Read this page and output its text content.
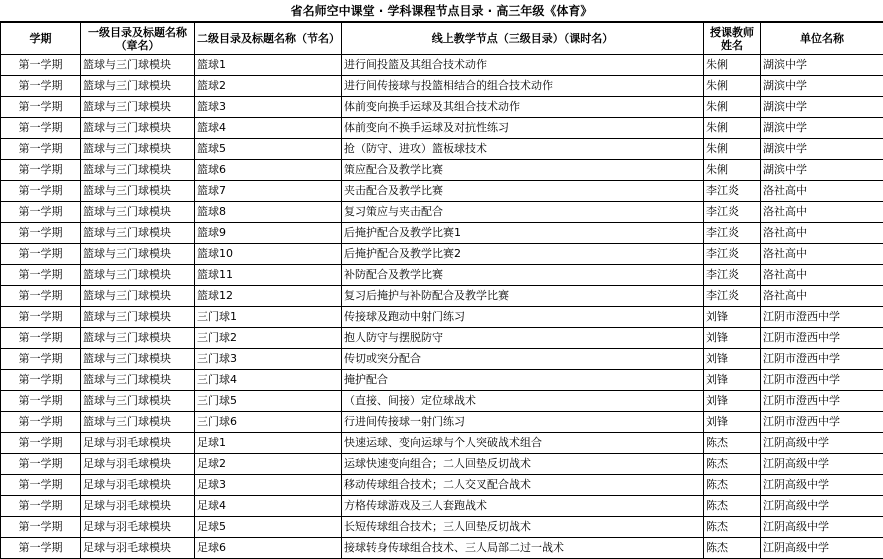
省名师空中课堂 · 学科课程节点目录 · 高三年级《体育》
学期	一级目录及标题名称（章名）	二级目录及标题名称（节名）	线上教学节点（三级目录）（课时名）	授课教师姓名	单位名称
第一学期	篮球与三门球模块	篮球1	进行间投篮及其组合技术动作	朱俐	湖滨中学
第一学期	篮球与三门球模块	篮球2	进行间传接球与投篮相结合的组合技术动作	朱俐	湖滨中学
第一学期	篮球与三门球模块	篮球3	体前变向换手运球及其组合技术动作	朱俐	湖滨中学
第一学期	篮球与三门球模块	篮球4	体前变向不换手运球及对抗性练习	朱俐	湖滨中学
第一学期	篮球与三门球模块	篮球5	抢（防守、进攻）篮板球技术	朱俐	湖滨中学
第一学期	篮球与三门球模块	篮球6	策应配合及教学比赛	朱俐	湖滨中学
第一学期	篮球与三门球模块	篮球7	夹击配合及教学比赛	李江炎	洛社高中
第一学期	篮球与三门球模块	篮球8	复习策应与夹击配合	李江炎	洛社高中
第一学期	篮球与三门球模块	篮球9	后掩护配合及教学比赛1	李江炎	洛社高中
第一学期	篮球与三门球模块	篮球10	后掩护配合及教学比赛2	李江炎	洛社高中
第一学期	篮球与三门球模块	篮球11	补防配合及教学比赛	李江炎	洛社高中
第一学期	篮球与三门球模块	篮球12	复习后掩护与补防配合及教学比赛	李江炎	洛社高中
第一学期	篮球与三门球模块	三门球1	传接球及跑动中射门练习	刘锋	江阴市澄西中学
第一学期	篮球与三门球模块	三门球2	抱人防守与摆脱防守	刘锋	江阴市澄西中学
第一学期	篮球与三门球模块	三门球3	传切或突分配合	刘锋	江阴市澄西中学
第一学期	篮球与三门球模块	三门球4	掩护配合	刘锋	江阴市澄西中学
第一学期	篮球与三门球模块	三门球5	（直接、间接）定位球战术	刘锋	江阴市澄西中学
第一学期	篮球与三门球模块	三门球6	行进间传接球一射门练习	刘锋	江阴市澄西中学
第一学期	足球与羽毛球模块	足球1	快速运球、变向运球与个人突破战术组合	陈杰	江阴高级中学
第一学期	足球与羽毛球模块	足球2	运球快速变向组合；二人回垫反切战术	陈杰	江阴高级中学
第一学期	足球与羽毛球模块	足球3	移动传球组合技术；二人交叉配合战术	陈杰	江阴高级中学
第一学期	足球与羽毛球模块	足球4	方格传球游戏及三人套跑战术	陈杰	江阴高级中学
第一学期	足球与羽毛球模块	足球5	长短传球组合技术；三人回垫反切战术	陈杰	江阴高级中学
第一学期	足球与羽毛球模块	足球6	接球转身传球组合技术、三人局部二过一战术	陈杰	江阴高级中学
